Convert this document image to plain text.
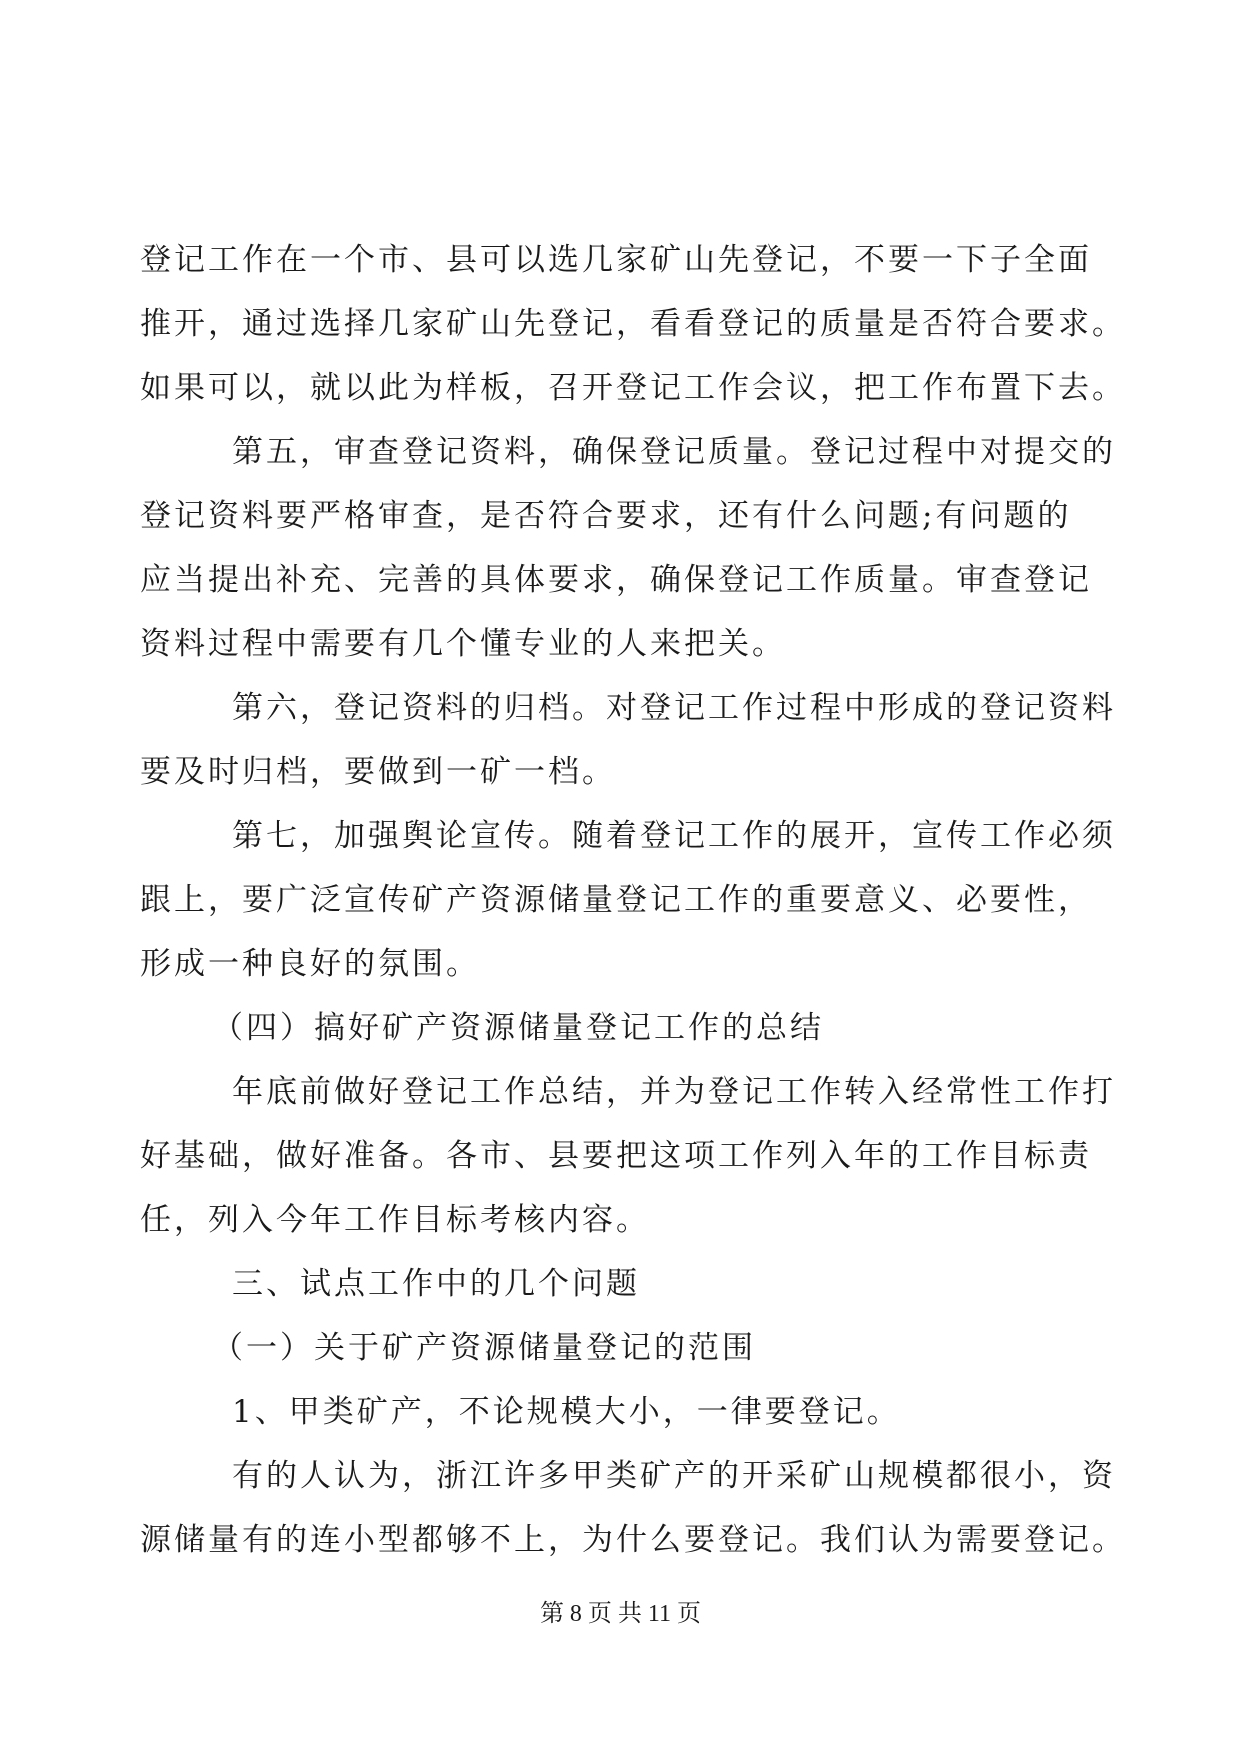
登记工作在一个市、县可以选几家矿山先登记，不要一下子全面
推开，通过选择几家矿山先登记，看看登记的质量是否符合要求。
如果可以，就以此为样板，召开登记工作会议，把工作布置下去。
第五，审查登记资料，确保登记质量。登记过程中对提交的
登记资料要严格审查，是否符合要求，还有什么问题;有问题的
应当提出补充、完善的具体要求，确保登记工作质量。审查登记
资料过程中需要有几个懂专业的人来把关。
第六，登记资料的归档。对登记工作过程中形成的登记资料
要及时归档，要做到一矿一档。
第七，加强舆论宣传。随着登记工作的展开，宣传工作必须
跟上，要广泛宣传矿产资源储量登记工作的重要意义、必要性，
形成一种良好的氛围。
（四）搞好矿产资源储量登记工作的总结
年底前做好登记工作总结，并为登记工作转入经常性工作打
好基础，做好准备。各市、县要把这项工作列入年的工作目标责
任，列入今年工作目标考核内容。
三、试点工作中的几个问题
（一）关于矿产资源储量登记的范围
1、甲类矿产，不论规模大小，一律要登记。
有的人认为，浙江许多甲类矿产的开采矿山规模都很小，资
源储量有的连小型都够不上，为什么要登记。我们认为需要登记。
第 8 页 共 11 页
